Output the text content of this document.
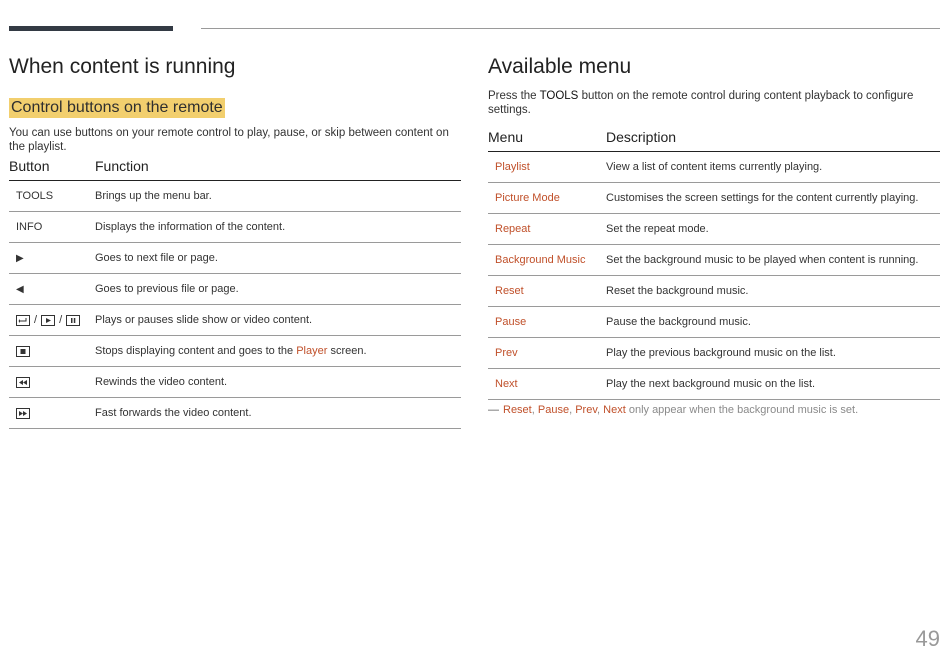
When content is running
Control buttons on the remote
You can use buttons on your remote control to play, pause, or skip between content on the playlist.
Button	Function
TOOLS	Brings up the menu bar.
INFO	Displays the information of the content.
▶	Goes to next file or page.
◀	Goes to previous file or page.
/ /	Plays or pauses slide show or video content.
	Stops displaying content and goes to the Player screen.
	Rewinds the video content.
	Fast forwards the video content.
Available menu
Press the TOOLS button on the remote control during content playback to configure settings.
Menu	Description
Playlist	View a list of content items currently playing.
Picture Mode	Customises the screen settings for the content currently playing.
Repeat	Set the repeat mode.
Background Music	Set the background music to be played when content is running.
Reset	Reset the background music.
Pause	Pause the background music.
Prev	Play the previous background music on the list.
Next	Play the next background music on the list.
― Reset, Pause, Prev, Next only appear when the background music is set.
49
